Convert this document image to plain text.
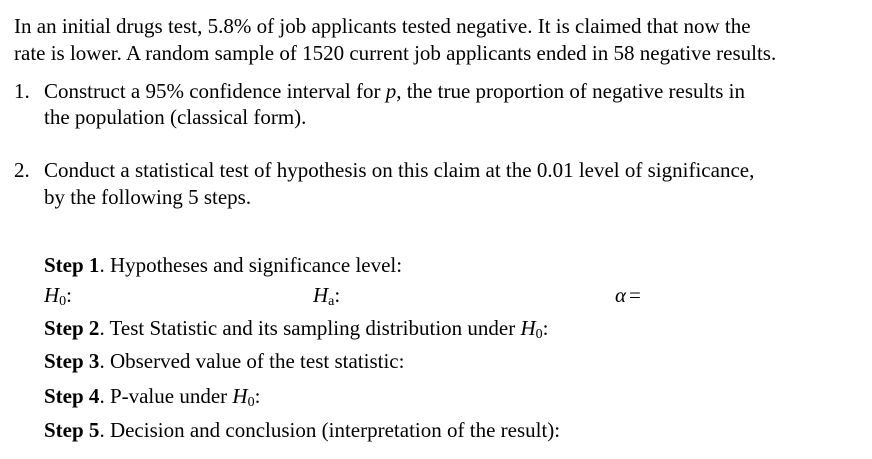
In an initial drugs test, 5.8% of job applicants tested negative. It is claimed that now the
rate is lower. A random sample of 1520 current job applicants ended in 58 negative results.
1. Construct a 95% confidence interval for p, the true proportion of negative results in
the population (classical form).
2. Conduct a statistical test of hypothesis on this claim at the 0.01 level of significance,
by the following 5 steps.
Step 1. Hypotheses and significance level:
$H_0$:	$H_a$:	α =
Step 2. Test Statistic and its sampling distribution under $H_0$:
Step 3. Observed value of the test statistic:
Step 4. P-value under $H_0$:
Step 5. Decision and conclusion (interpretation of the result):
